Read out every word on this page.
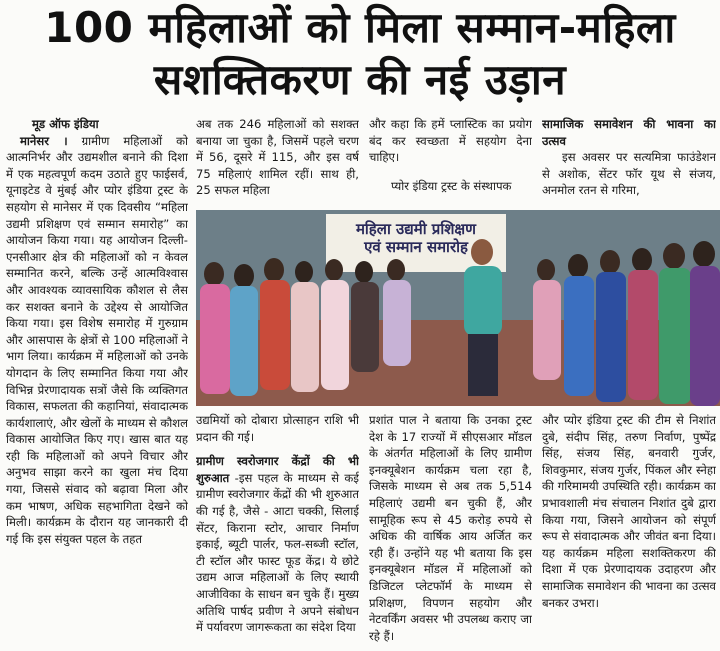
100 महिलाओं को मिला सम्मान-महिला
सशक्तिकरण की नई उड़ान

मूड ऑफ इंडिया

मानेसर । ग्रामीण महिलाओं को आत्मनिर्भर और उद्यमशील बनाने की दिशा में एक महत्वपूर्ण कदम उठाते हुए फाईसर्व, यूनाइटेड वे मुंबई और प्योर इंडिया ट्रस्ट के सहयोग से मानेसर में एक दिवसीय “महिला उद्यमी प्रशिक्षण एवं सम्मान समारोह” का आयोजन किया गया। यह आयोजन दिल्ली-एनसीआर क्षेत्र की महिलाओं को न केवल सम्मानित करने, बल्कि उन्हें आत्मविश्वास और आवश्यक व्यावसायिक कौशल से लैस कर सशक्त बनाने के उद्देश्य से आयोजित किया गया। इस विशेष समारोह में गुरुग्राम और आसपास के क्षेत्रों से 100 महिलाओं ने भाग लिया। कार्यक्रम में महिलाओं को उनके योगदान के लिए सम्मानित किया गया और विभिन्न प्रेरणादायक सत्रों जैसे कि व्यक्तिगत विकास, सफलता की कहानियां, संवादात्मक कार्यशालाएं, और खेलों के माध्यम से कौशल विकास आयोजित किए गए। खास बात यह रही कि महिलाओं को अपने विचार और अनुभव साझा करने का खुला मंच दिया गया, जिससे संवाद को बढ़ावा मिला और कम भाषण, अधिक सहभागिता देखने को मिली। कार्यक्रम के दौरान यह जानकारी दी गई कि इस संयुक्त पहल के तहत

अब तक 246 महिलाओं को सशक्त बनाया जा चुका है, जिसमें पहले चरण में 56, दूसरे में 115, और इस वर्ष 75 महिलाएं शामिल रहीं। साथ ही, 25 सफल महिला

और कहा कि हमें प्लास्टिक का प्रयोग बंद कर स्वच्छता में सहयोग देना चाहिए।

प्योर इंडिया ट्रस्ट के संस्थापक

सामाजिक समावेशन की भावना का उत्सव

इस अवसर पर सत्यमित्रा फाउंडेशन से अशोक, सेंटर फॉर यूथ से संजय, अनमोल रतन से गरिमा,

महिला उद्यमी प्रशिक्षण
एवं सम्मान समारोह

उद्यमियों को दोबारा प्रोत्साहन राशि भी प्रदान की गई।

ग्रामीण स्वरोजगार केंद्रों की भी शुरुआत -इस पहल के माध्यम से कई ग्रामीण स्वरोजगार केंद्रों की भी शुरुआत की गई है, जैसे - आटा चक्की, सिलाई सेंटर, किराना स्टोर, आचार निर्माण इकाई, ब्यूटी पार्लर, फल-सब्जी स्टॉल, टी स्टॉल और फास्ट फूड केंद्र। ये छोटे उद्यम आज महिलाओं के लिए स्थायी आजीविका के साधन बन चुके हैं। मुख्य अतिथि पार्षद प्रवीण ने अपने संबोधन में पर्यावरण जागरूकता का संदेश दिया

प्रशांत पाल ने बताया कि उनका ट्रस्ट देश के 17 राज्यों में सीएसआर मॉडल के अंतर्गत महिलाओं के लिए ग्रामीण इनक्यूबेशन कार्यक्रम चला रहा है, जिसके माध्यम से अब तक 5,514 महिलाएं उद्यमी बन चुकी हैं, और सामूहिक रूप से 45 करोड़ रुपये से अधिक की वार्षिक आय अर्जित कर रही हैं। उन्होंने यह भी बताया कि इस इनक्यूबेशन मॉडल में महिलाओं को डिजिटल प्लेटफॉर्म के माध्यम से प्रशिक्षण, विपणन सहयोग और नेटवर्किंग अवसर भी उपलब्ध कराए जा रहे हैं।

और प्योर इंडिया ट्रस्ट की टीम से निशांत दुबे, संदीप सिंह, तरुण निर्वाण, पुष्पेंद्र सिंह, संजय सिंह, बनवारी गुर्जर, शिवकुमार, संजय गुर्जर, पिंकल और स्नेहा की गरिमामयी उपस्थिति रही। कार्यक्रम का प्रभावशाली मंच संचालन निशांत दुबे द्वारा किया गया, जिसने आयोजन को संपूर्ण रूप से संवादात्मक और जीवंत बना दिया। यह कार्यक्रम महिला सशक्तिकरण की दिशा में एक प्रेरणादायक उदाहरण और सामाजिक समावेशन की भावना का उत्सव बनकर उभरा।
